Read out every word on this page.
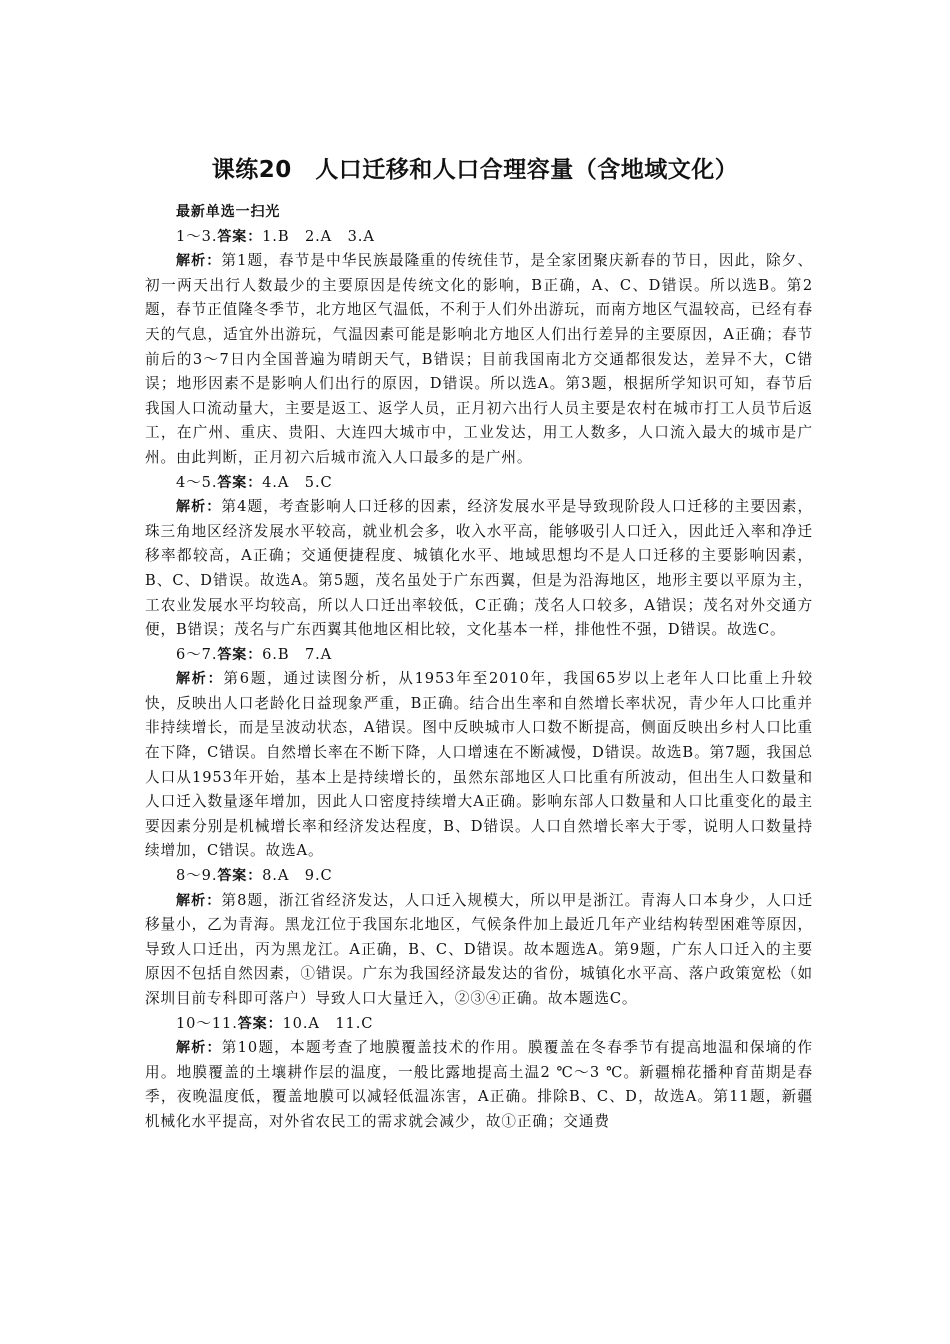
课练20　人口迁移和人口合理容量（含地域文化）

最新单选一扫光

1～3.答案：1.B　2.A　3.A

解析：第1题，春节是中华民族最隆重的传统佳节，是全家团聚庆新春的节日，因此，除夕、初一两天出行人数最少的主要原因是传统文化的影响，B正确，A、C、D错误。所以选B。第2题，春节正值隆冬季节，北方地区气温低，不利于人们外出游玩，而南方地区气温较高，已经有春天的气息，适宜外出游玩，气温因素可能是影响北方地区人们出行差异的主要原因，A正确；春节前后的3～7日内全国普遍为晴朗天气，B错误；目前我国南北方交通都很发达，差异不大，C错误；地形因素不是影响人们出行的原因，D错误。所以选A。第3题，根据所学知识可知，春节后我国人口流动量大，主要是返工、返学人员，正月初六出行人员主要是农村在城市打工人员节后返工，在广州、重庆、贵阳、大连四大城市中，工业发达，用工人数多，人口流入最大的城市是广州。由此判断，正月初六后城市流入人口最多的是广州。

4～5.答案：4.A　5.C

解析：第4题，考查影响人口迁移的因素，经济发展水平是导致现阶段人口迁移的主要因素，珠三角地区经济发展水平较高，就业机会多，收入水平高，能够吸引人口迁入，因此迁入率和净迁移率都较高，A正确；交通便捷程度、城镇化水平、地域思想均不是人口迁移的主要影响因素，B、C、D错误。故选A。第5题，茂名虽处于广东西翼，但是为沿海地区，地形主要以平原为主，工农业发展水平均较高，所以人口迁出率较低，C正确；茂名人口较多，A错误；茂名对外交通方便，B错误；茂名与广东西翼其他地区相比较，文化基本一样，排他性不强，D错误。故选C。

6～7.答案：6.B　7.A

解析：第6题，通过读图分析，从1953年至2010年，我国65岁以上老年人口比重上升较快，反映出人口老龄化日益现象严重，B正确。结合出生率和自然增长率状况，青少年人口比重并非持续增长，而是呈波动状态，A错误。图中反映城市人口数不断提高，侧面反映出乡村人口比重在下降，C错误。自然增长率在不断下降，人口增速在不断减慢，D错误。故选B。第7题，我国总人口从1953年开始，基本上是持续增长的，虽然东部地区人口比重有所波动，但出生人口数量和人口迁入数量逐年增加，因此人口密度持续增大A正确。影响东部人口数量和人口比重变化的最主要因素分别是机械增长率和经济发达程度，B、D错误。人口自然增长率大于零，说明人口数量持续增加，C错误。故选A。

8～9.答案：8.A　9.C

解析：第8题，浙江省经济发达，人口迁入规模大，所以甲是浙江。青海人口本身少，人口迁移量小，乙为青海。黑龙江位于我国东北地区，气候条件加上最近几年产业结构转型困难等原因，导致人口迁出，丙为黑龙江。A正确，B、C、D错误。故本题选A。第9题，广东人口迁入的主要原因不包括自然因素，①错误。广东为我国经济最发达的省份，城镇化水平高、落户政策宽松（如深圳目前专科即可落户）导致人口大量迁入，②③④正确。故本题选C。

10～11.答案：10.A　11.C

解析：第10题，本题考查了地膜覆盖技术的作用。膜覆盖在冬春季节有提高地温和保墒的作用。地膜覆盖的土壤耕作层的温度，一般比露地提高土温2 ℃～3 ℃。新疆棉花播种育苗期是春季，夜晚温度低，覆盖地膜可以减轻低温冻害，A正确。排除B、C、D，故选A。第11题，新疆机械化水平提高，对外省农民工的需求就会减少，故①正确；交通费
